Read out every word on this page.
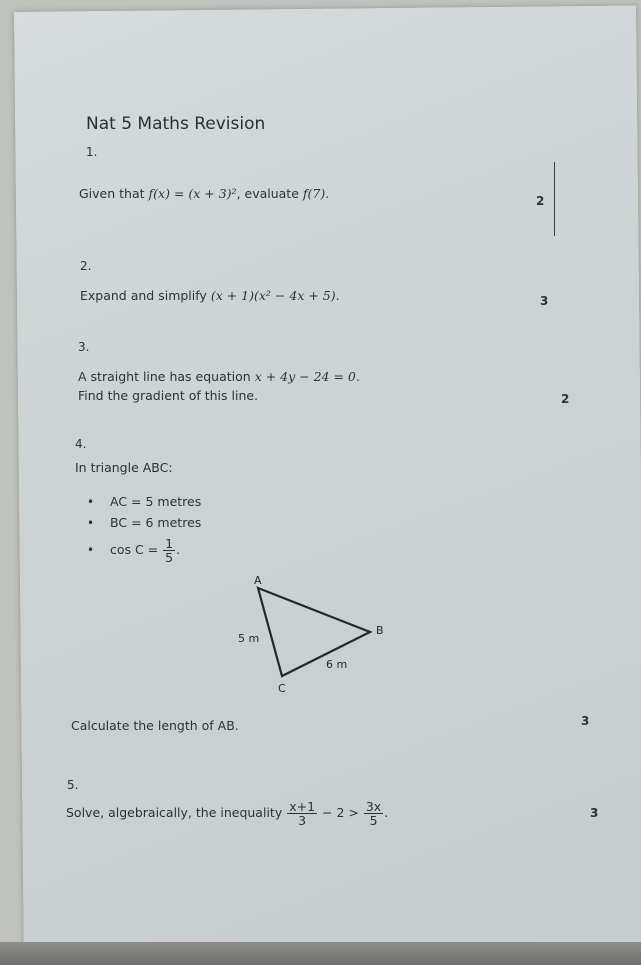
Nat 5 Maths Revision
1.
Given that f(x) = (x + 3)², evaluate f(7).	2
2.
Expand and simplify (x + 1)(x² − 4x + 5).	3
3.
A straight line has equation x + 4y − 24 = 0.
Find the gradient of this line.	2
4.
In triangle ABC:
• AC = 5 metres
• BC = 6 metres
• $\cos C = \frac{1}{5}$ .
A
B
C
5 m
6 m
Calculate the length of AB.	3
5.
Solve, algebraically, the inequality $\frac{x+1}{3} - 2 > \frac{3x}{5}$ .	3
